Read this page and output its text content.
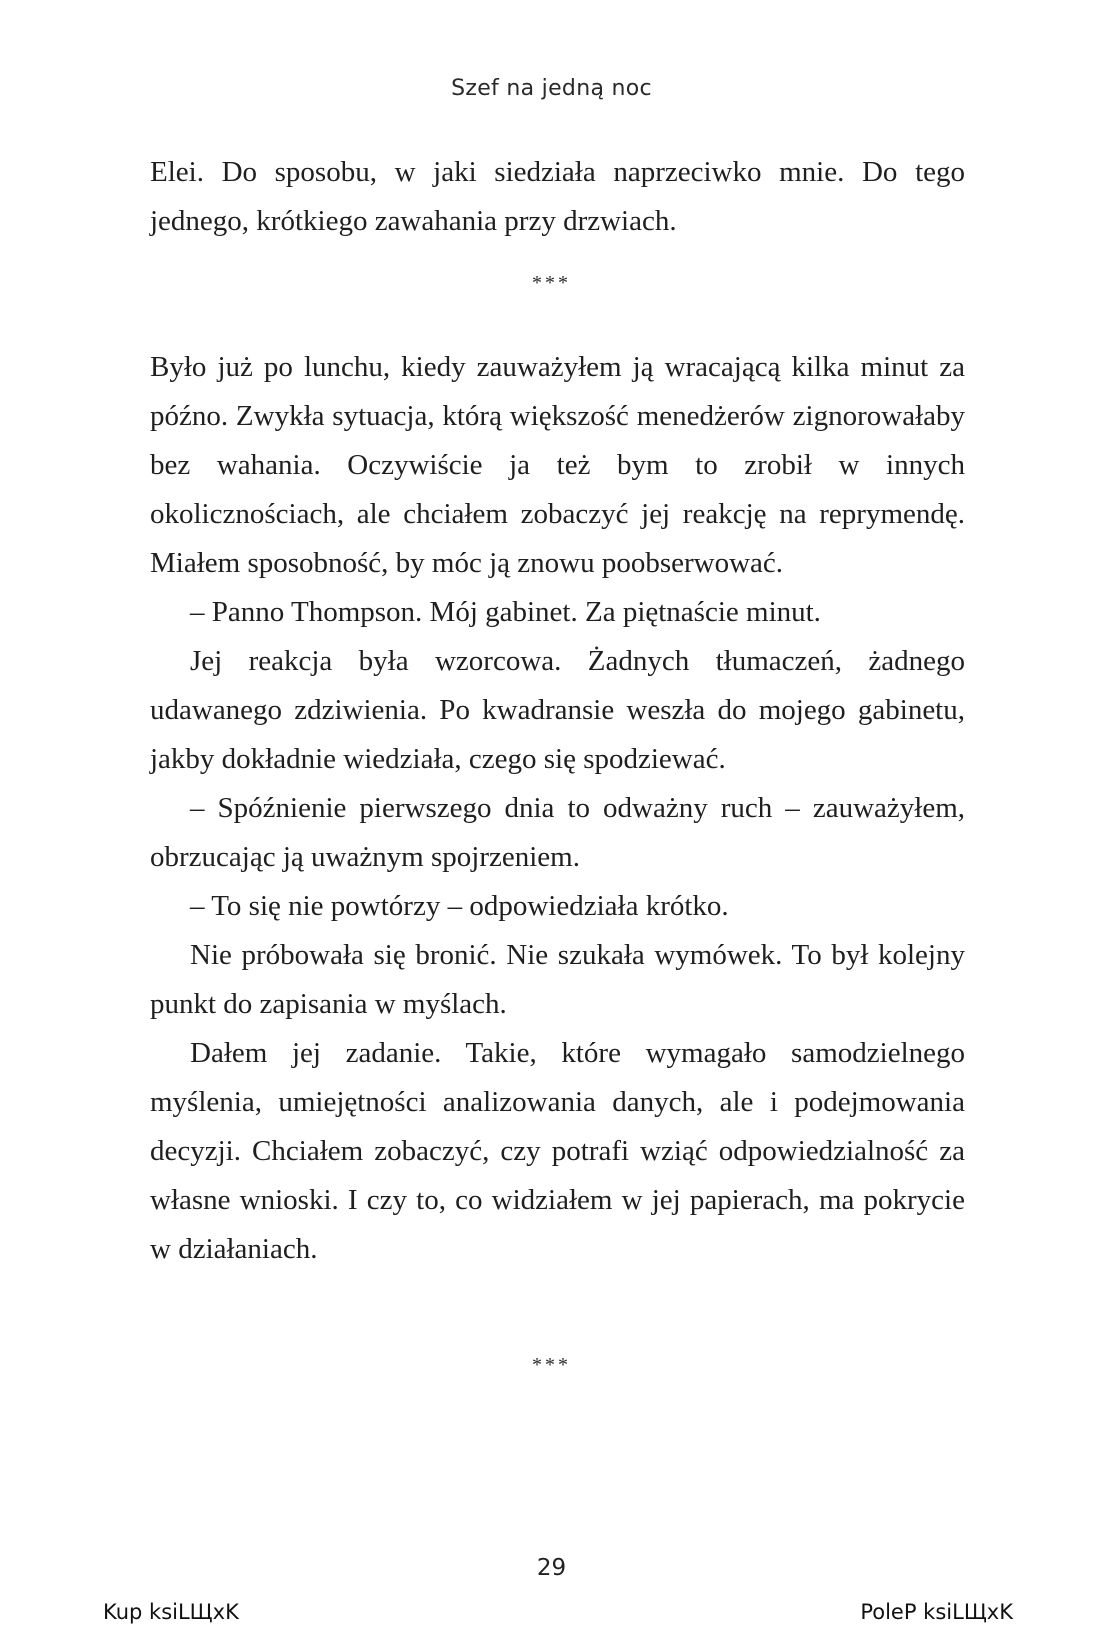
Szef na jedną noc

Elei. Do sposobu, w jaki siedziała naprzeciwko mnie. Do tego jednego, krótkiego zawahania przy drzwiach.

***

Było już po lunchu, kiedy zauważyłem ją wracającą kilka minut za późno. Zwykła sytuacja, którą większość menedżerów zignorowałaby bez wahania. Oczywiście ja też bym to zrobił w innych okolicznościach, ale chciałem zobaczyć jej reakcję na reprymendę. Miałem sposobność, by móc ją znowu poobserwować.

– Panno Thompson. Mój gabinet. Za piętnaście minut.

Jej reakcja była wzorcowa. Żadnych tłumaczeń, żadnego udawanego zdziwienia. Po kwadransie weszła do mojego gabinetu, jakby dokładnie wiedziała, czego się spodziewać.

– Spóźnienie pierwszego dnia to odważny ruch – zauważyłem, obrzucając ją uważnym spojrzeniem.

– To się nie powtórzy – odpowiedziała krótko.

Nie próbowała się bronić. Nie szukała wymówek. To był kolejny punkt do zapisania w myślach.

Dałem jej zadanie. Takie, które wymagało samodzielnego myślenia, umiejętności analizowania danych, ale i podejmowania decyzji. Chciałem zobaczyć, czy potrafi wziąć odpowiedzialność za własne wnioski. I czy to, co widziałem w jej papierach, ma pokrycie w działaniach.

***
29
Kup ksiLЩxK	PoleP ksiLЩxK
